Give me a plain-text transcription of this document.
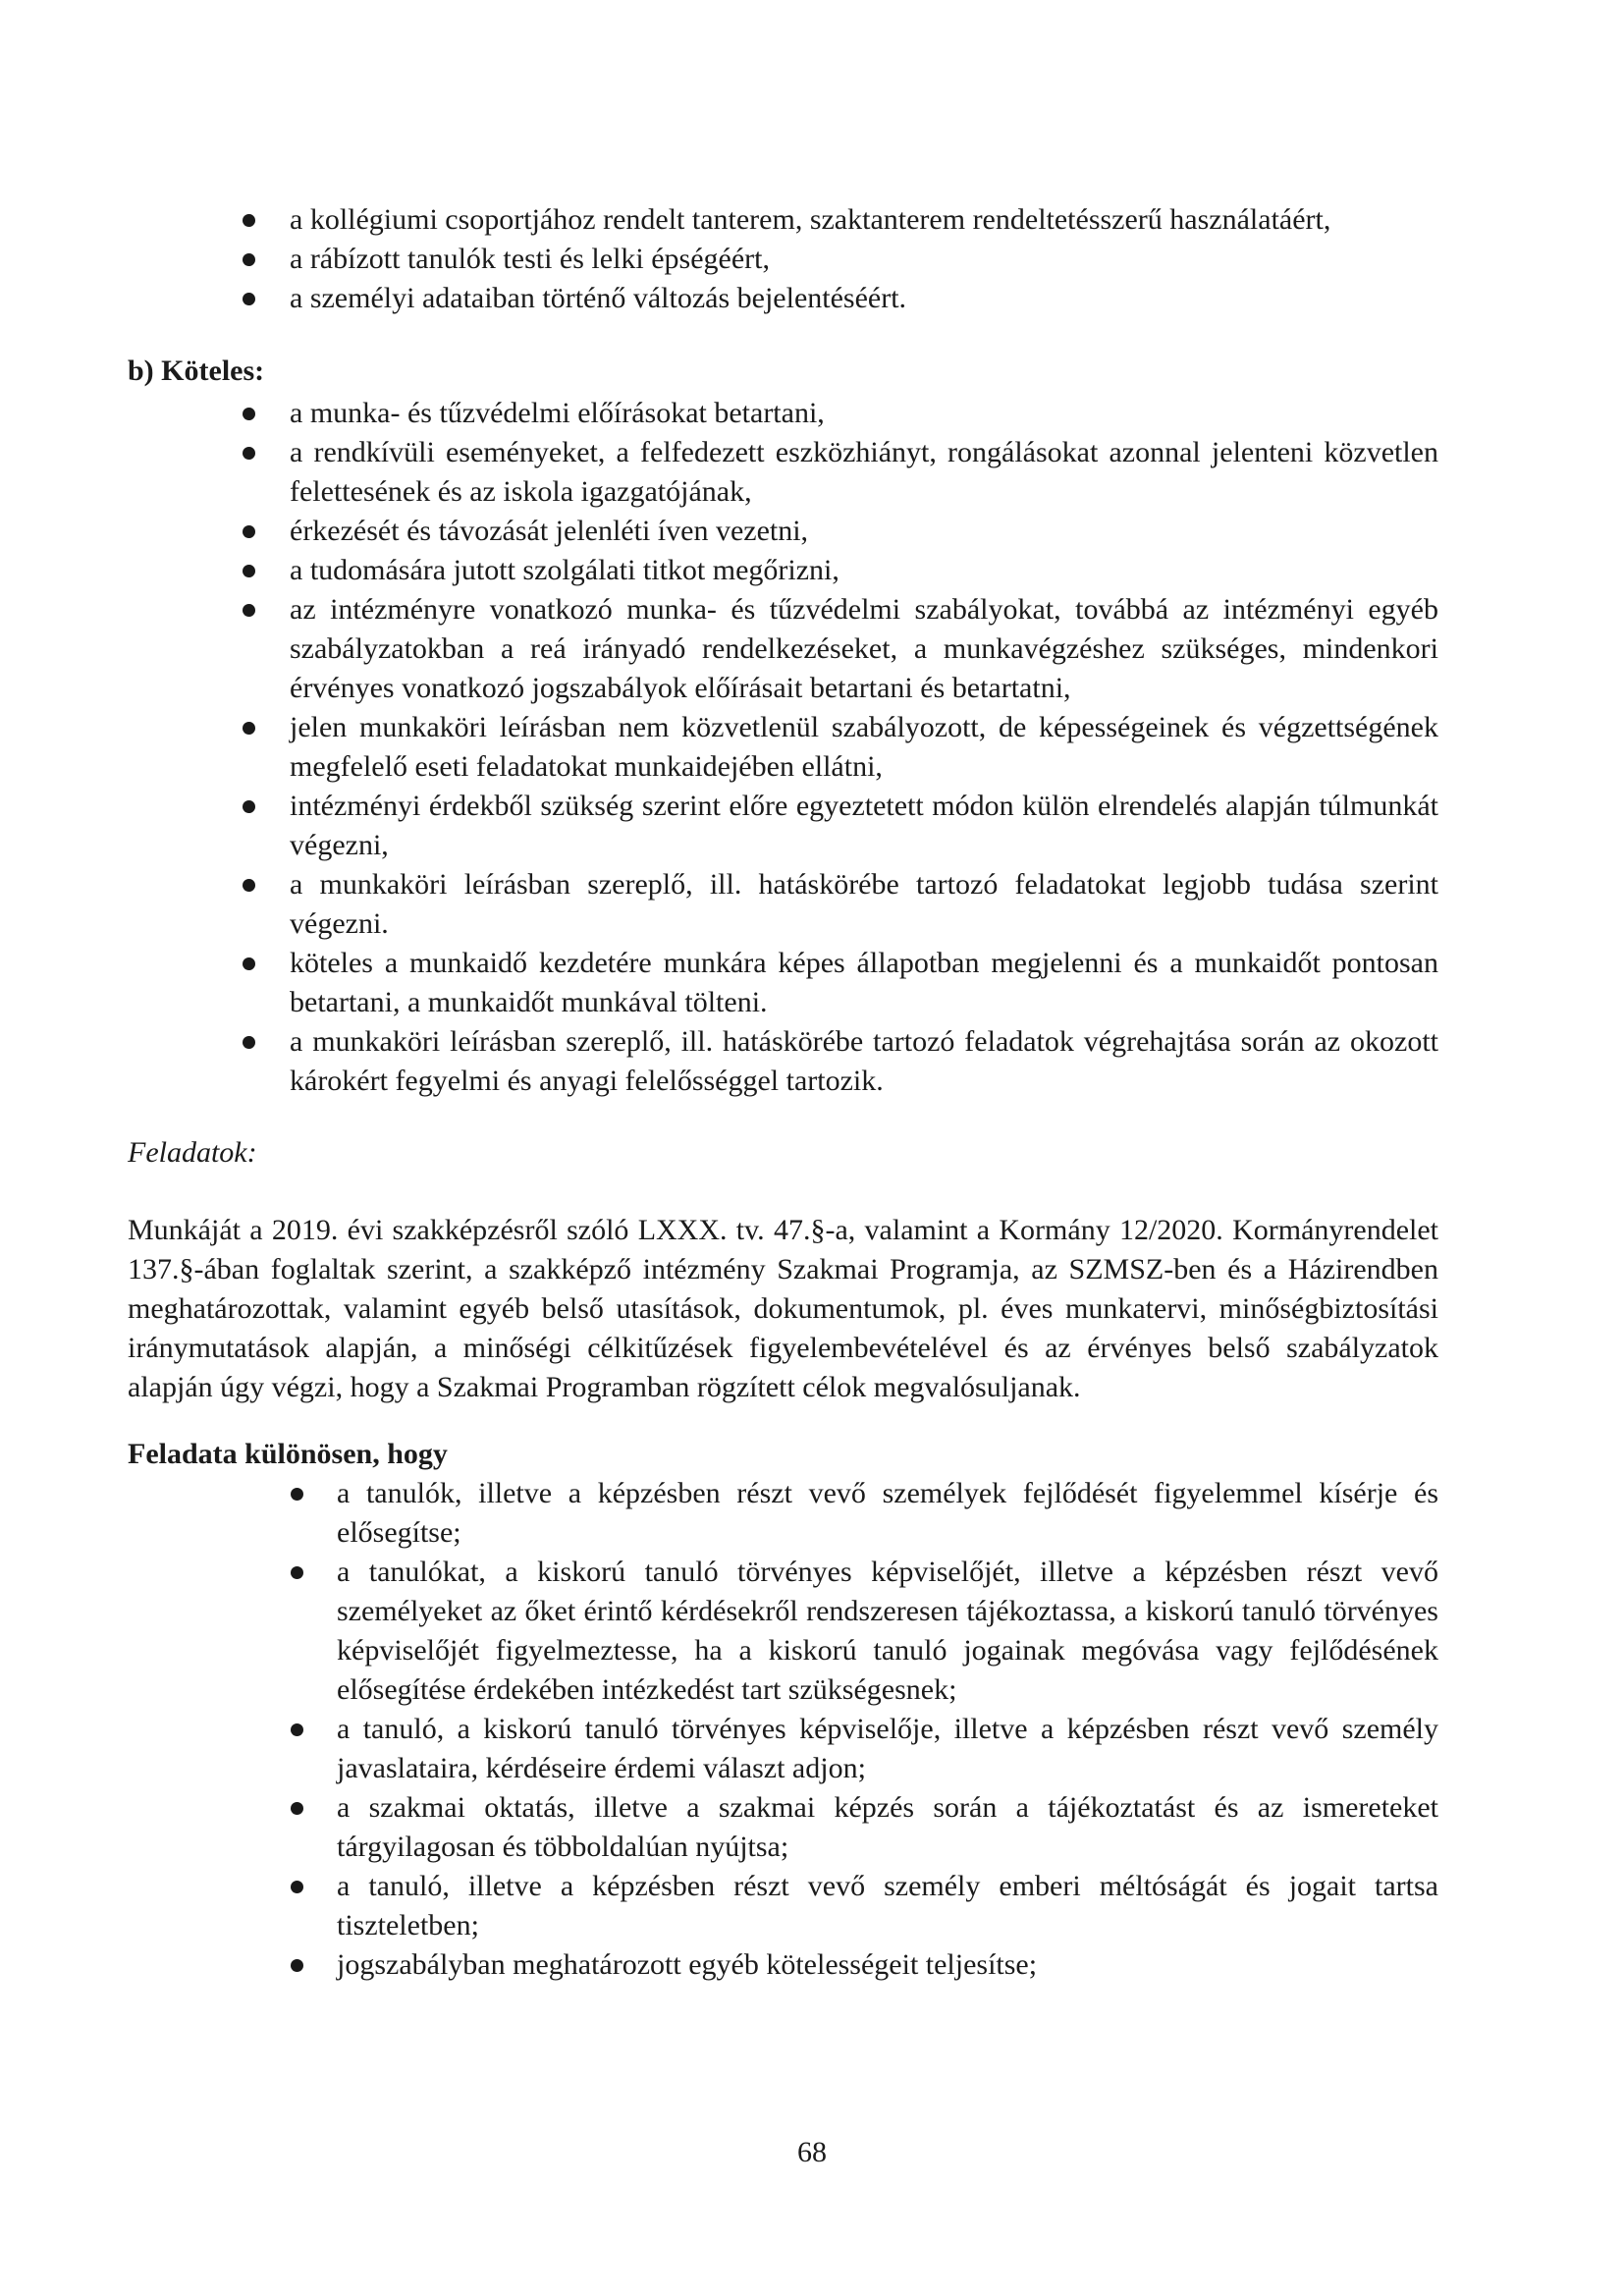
a kollégiumi csoportjához rendelt tanterem, szaktanterem rendeltetésszerű használatáért,
a rábízott tanulók testi és lelki épségéért,
a személyi adataiban történő változás bejelentéséért.

b) Köteles:

a munka- és tűzvédelmi előírásokat betartani,
a rendkívüli eseményeket, a felfedezett eszközhiányt, rongálásokat azonnal jelenteni közvetlen felettesének és az iskola igazgatójának,
érkezését és távozását jelenléti íven vezetni,
a tudomására jutott szolgálati titkot megőrizni,
az intézményre vonatkozó munka- és tűzvédelmi szabályokat, továbbá az intézményi egyéb szabályzatokban a reá irányadó rendelkezéseket, a munkavégzéshez szükséges, mindenkori érvényes vonatkozó jogszabályok előírásait betartani és betartatni,
jelen munkaköri leírásban nem közvetlenül szabályozott, de képességeinek és végzettségének megfelelő eseti feladatokat munkaidejében ellátni,
intézményi érdekből szükség szerint előre egyeztetett módon külön elrendelés alapján túlmunkát végezni,
a munkaköri leírásban szereplő, ill. hatáskörébe tartozó feladatokat legjobb tudása szerint végezni.
köteles a munkaidő kezdetére munkára képes állapotban megjelenni és a munkaidőt pontosan betartani, a munkaidőt munkával tölteni.
a munkaköri leírásban szereplő, ill. hatáskörébe tartozó feladatok végrehajtása során az okozott károkért fegyelmi és anyagi felelősséggel tartozik.

Feladatok:

Munkáját a 2019. évi szakképzésről szóló LXXX. tv. 47.§-a, valamint a Kormány 12/2020. Kormányrendelet 137.§-ában foglaltak szerint, a szakképző intézmény Szakmai Programja, az SZMSZ-ben és a Házirendben meghatározottak, valamint egyéb belső utasítások, dokumentumok, pl. éves munkatervi, minőségbiztosítási iránymutatások alapján, a minőségi célkitűzések figyelembevételével és az érvényes belső szabályzatok alapján úgy végzi, hogy a Szakmai Programban rögzített célok megvalósuljanak.

Feladata különösen, hogy

a tanulók, illetve a képzésben részt vevő személyek fejlődését figyelemmel kísérje és elősegítse;
a tanulókat, a kiskorú tanuló törvényes képviselőjét, illetve a képzésben részt vevő személyeket az őket érintő kérdésekről rendszeresen tájékoztassa, a kiskorú tanuló törvényes képviselőjét figyelmeztesse, ha a kiskorú tanuló jogainak megóvása vagy fejlődésének elősegítése érdekében intézkedést tart szükségesnek;
a tanuló, a kiskorú tanuló törvényes képviselője, illetve a képzésben részt vevő személy javaslataira, kérdéseire érdemi választ adjon;
a szakmai oktatás, illetve a szakmai képzés során a tájékoztatást és az ismereteket tárgyilagosan és többoldalúan nyújtsa;
a tanuló, illetve a képzésben részt vevő személy emberi méltóságát és jogait tartsa tiszteletben;
jogszabályban meghatározott egyéb kötelességeit teljesítse;
68
